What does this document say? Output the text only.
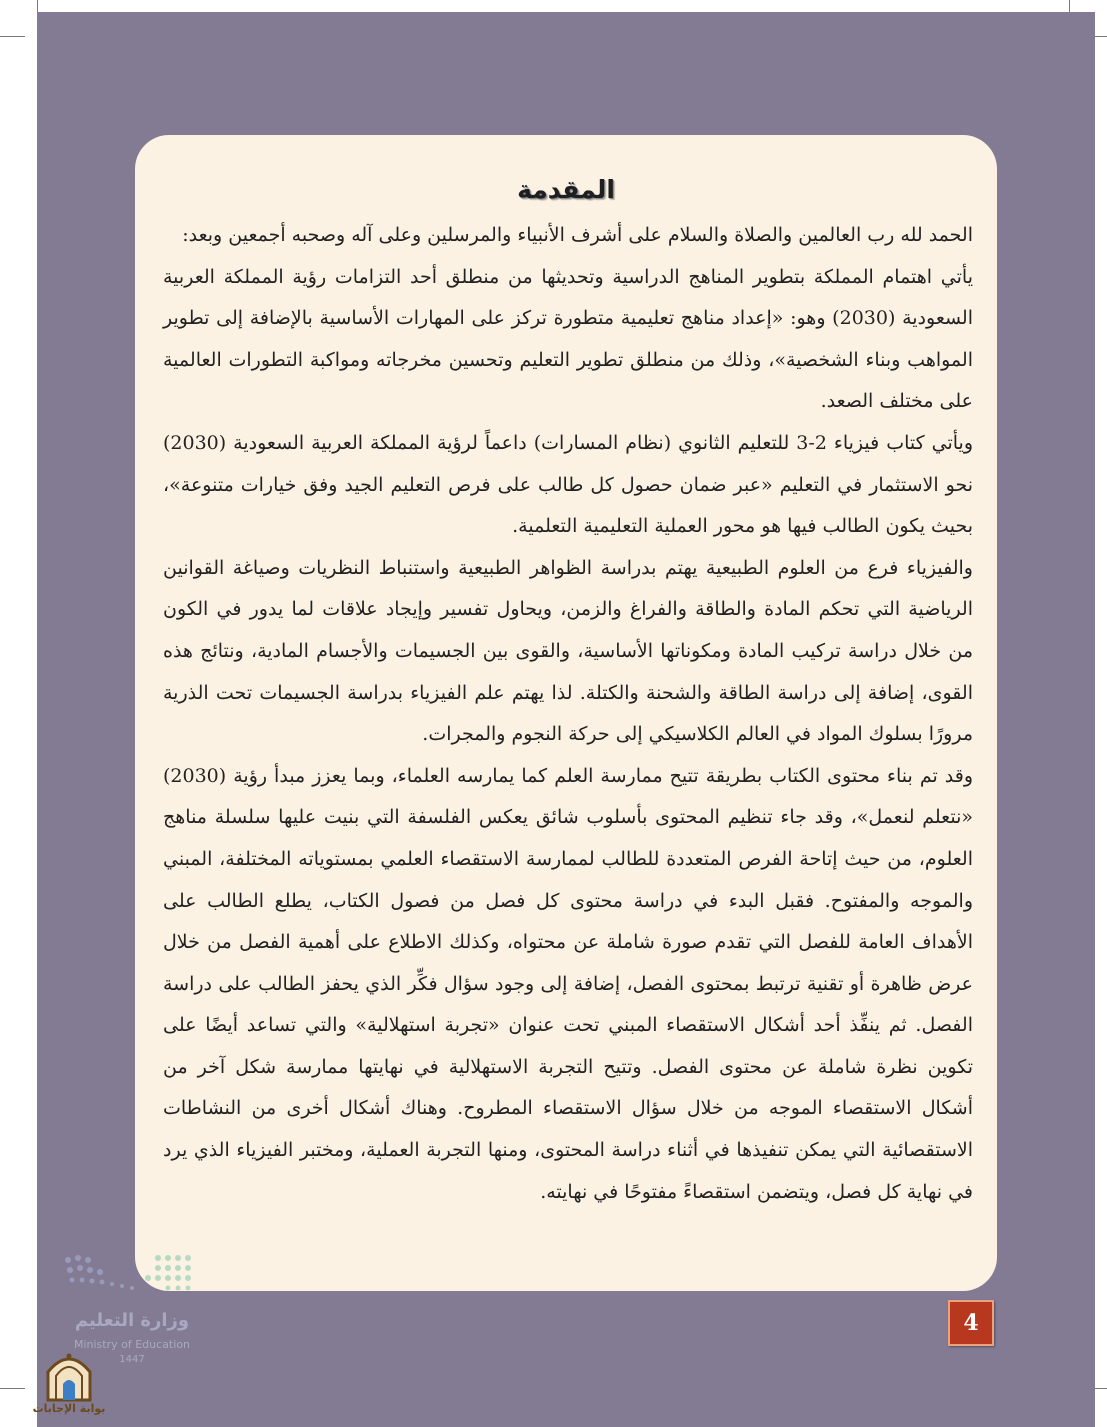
المقدمة

الحمد لله رب العالمين والصلاة والسلام على أشرف الأنبياء والمرسلين وعلى آله وصحبه أجمعين وبعد:

يأتي اهتمام المملكة بتطوير المناهج الدراسية وتحديثها من منطلق أحد التزامات رؤية المملكة العربية السعودية (2030) وهو: «إعداد مناهج تعليمية متطورة تركز على المهارات الأساسية بالإضافة إلى تطوير المواهب وبناء الشخصية»، وذلك من منطلق تطوير التعليم وتحسين مخرجاته ومواكبة التطورات العالمية على مختلف الصعد.

ويأتي كتاب فيزياء 2-3 للتعليم الثانوي (نظام المسارات) داعماً لرؤية المملكة العربية السعودية (2030) نحو الاستثمار في التعليم «عبر ضمان حصول كل طالب على فرص التعليم الجيد وفق خيارات متنوعة»، بحيث يكون الطالب فيها هو محور العملية التعليمية التعلمية.

والفيزياء فرع من العلوم الطبيعية يهتم بدراسة الظواهر الطبيعية واستنباط النظريات وصياغة القوانين الرياضية التي تحكم المادة والطاقة والفراغ والزمن، ويحاول تفسير وإيجاد علاقات لما يدور في الكون من خلال دراسة تركيب المادة ومكوناتها الأساسية، والقوى بين الجسيمات والأجسام المادية، ونتائج هذه القوى، إضافة إلى دراسة الطاقة والشحنة والكتلة. لذا يهتم علم الفيزياء بدراسة الجسيمات تحت الذرية مرورًا بسلوك المواد في العالم الكلاسيكي إلى حركة النجوم والمجرات.

وقد تم بناء محتوى الكتاب بطريقة تتيح ممارسة العلم كما يمارسه العلماء، وبما يعزز مبدأ رؤية (2030) «نتعلم لنعمل»، وقد جاء تنظيم المحتوى بأسلوب شائق يعكس الفلسفة التي بنيت عليها سلسلة مناهج العلوم، من حيث إتاحة الفرص المتعددة للطالب لممارسة الاستقصاء العلمي بمستوياته المختلفة، المبني والموجه والمفتوح. فقبل البدء في دراسة محتوى كل فصل من فصول الكتاب، يطلع الطالب على الأهداف العامة للفصل التي تقدم صورة شاملة عن محتواه، وكذلك الاطلاع على أهمية الفصل من خلال عرض ظاهرة أو تقنية ترتبط بمحتوى الفصل، إضافة إلى وجود سؤال فكِّر الذي يحفز الطالب على دراسة الفصل. ثم ينفِّذ أحد أشكال الاستقصاء المبني تحت عنوان «تجربة استهلالية» والتي تساعد أيضًا على تكوين نظرة شاملة عن محتوى الفصل. وتتيح التجربة الاستهلالية في نهايتها ممارسة شكل آخر من أشكال الاستقصاء الموجه من خلال سؤال الاستقصاء المطروح. وهناك أشكال أخرى من النشاطات الاستقصائية التي يمكن تنفيذها في أثناء دراسة المحتوى، ومنها التجربة العملية، ومختبر الفيزياء الذي يرد في نهاية كل فصل، ويتضمن استقصاءً مفتوحًا في نهايته.

4
وزارة التعليم
Ministry of Education
1447
بوابة الإجابات
